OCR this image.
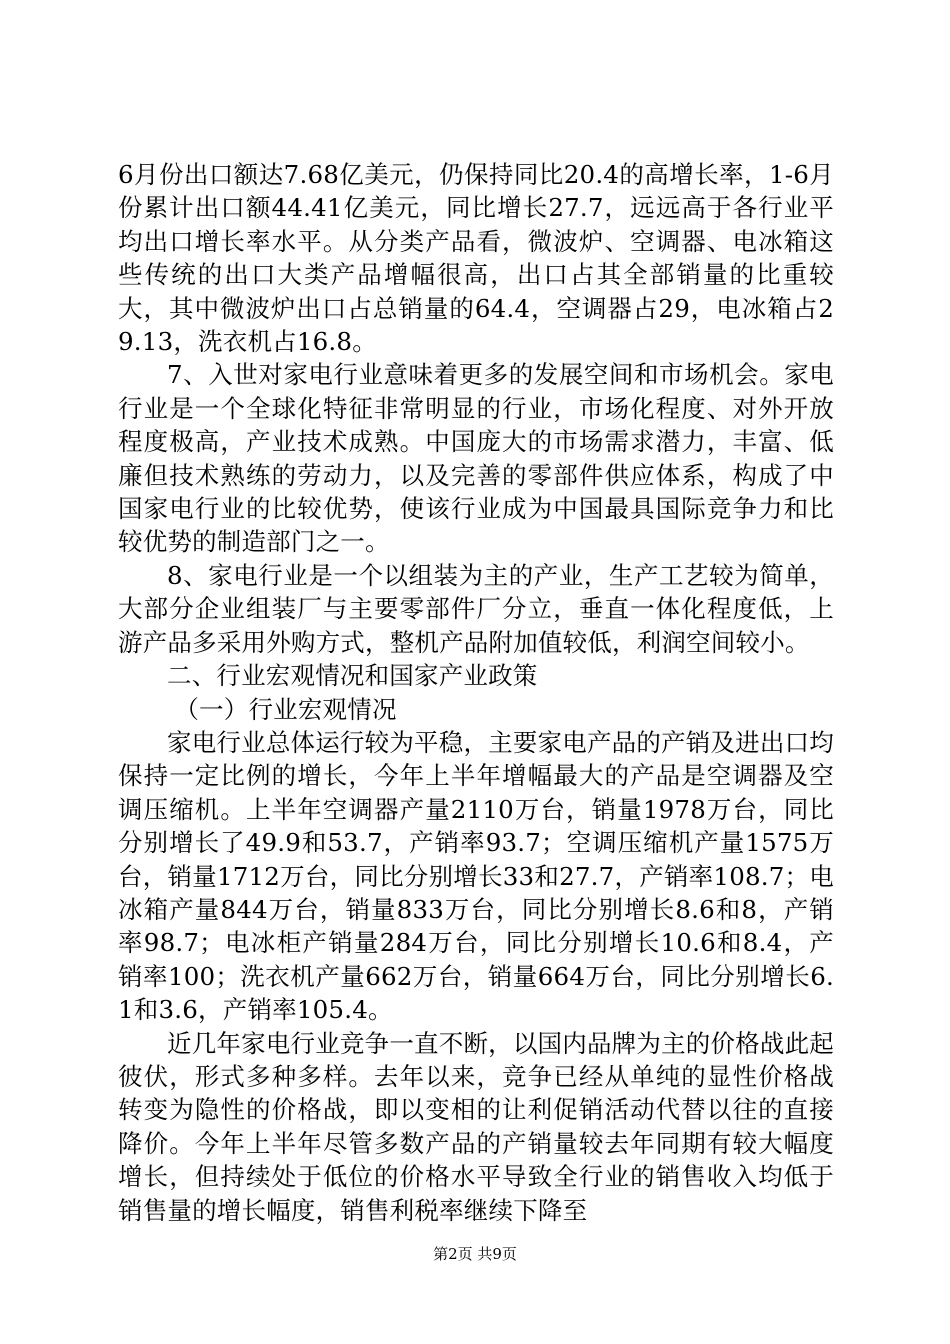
6月份出口额达7.68亿美元，仍保持同比20.4的高增长率，1-6月份累计出口额44.41亿美元，同比增长27.7，远远高于各行业平均出口增长率水平。从分类产品看，微波炉、空调器、电冰箱这些传统的出口大类产品增幅很高，出口占其全部销量的比重较大，其中微波炉出口占总销量的64.4，空调器占29，电冰箱占29.13，洗衣机占16.8。

7、入世对家电行业意味着更多的发展空间和市场机会。家电行业是一个全球化特征非常明显的行业，市场化程度、对外开放程度极高，产业技术成熟。中国庞大的市场需求潜力，丰富、低廉但技术熟练的劳动力，以及完善的零部件供应体系，构成了中国家电行业的比较优势，使该行业成为中国最具国际竞争力和比较优势的制造部门之一。

8、家电行业是一个以组装为主的产业，生产工艺较为简单，大部分企业组装厂与主要零部件厂分立，垂直一体化程度低，上游产品多采用外购方式，整机产品附加值较低，利润空间较小。

二、行业宏观情况和国家产业政策

（一）行业宏观情况

家电行业总体运行较为平稳，主要家电产品的产销及进出口均保持一定比例的增长，今年上半年增幅最大的产品是空调器及空调压缩机。上半年空调器产量2110万台，销量1978万台，同比分别增长了49.9和53.7，产销率93.7；空调压缩机产量1575万台，销量1712万台，同比分别增长33和27.7，产销率108.7；电冰箱产量844万台，销量833万台，同比分别增长8.6和8，产销率98.7；电冰柜产销量284万台，同比分别增长10.6和8.4，产销率100；洗衣机产量662万台，销量664万台，同比分别增长6.1和3.6，产销率105.4。

近几年家电行业竞争一直不断，以国内品牌为主的价格战此起彼伏，形式多种多样。去年以来，竞争已经从单纯的显性价格战转变为隐性的价格战，即以变相的让利促销活动代替以往的直接降价。今年上半年尽管多数产品的产销量较去年同期有较大幅度增长，但持续处于低位的价格水平导致全行业的销售收入均低于销售量的增长幅度，销售利税率继续下降至

第2页 共9页
